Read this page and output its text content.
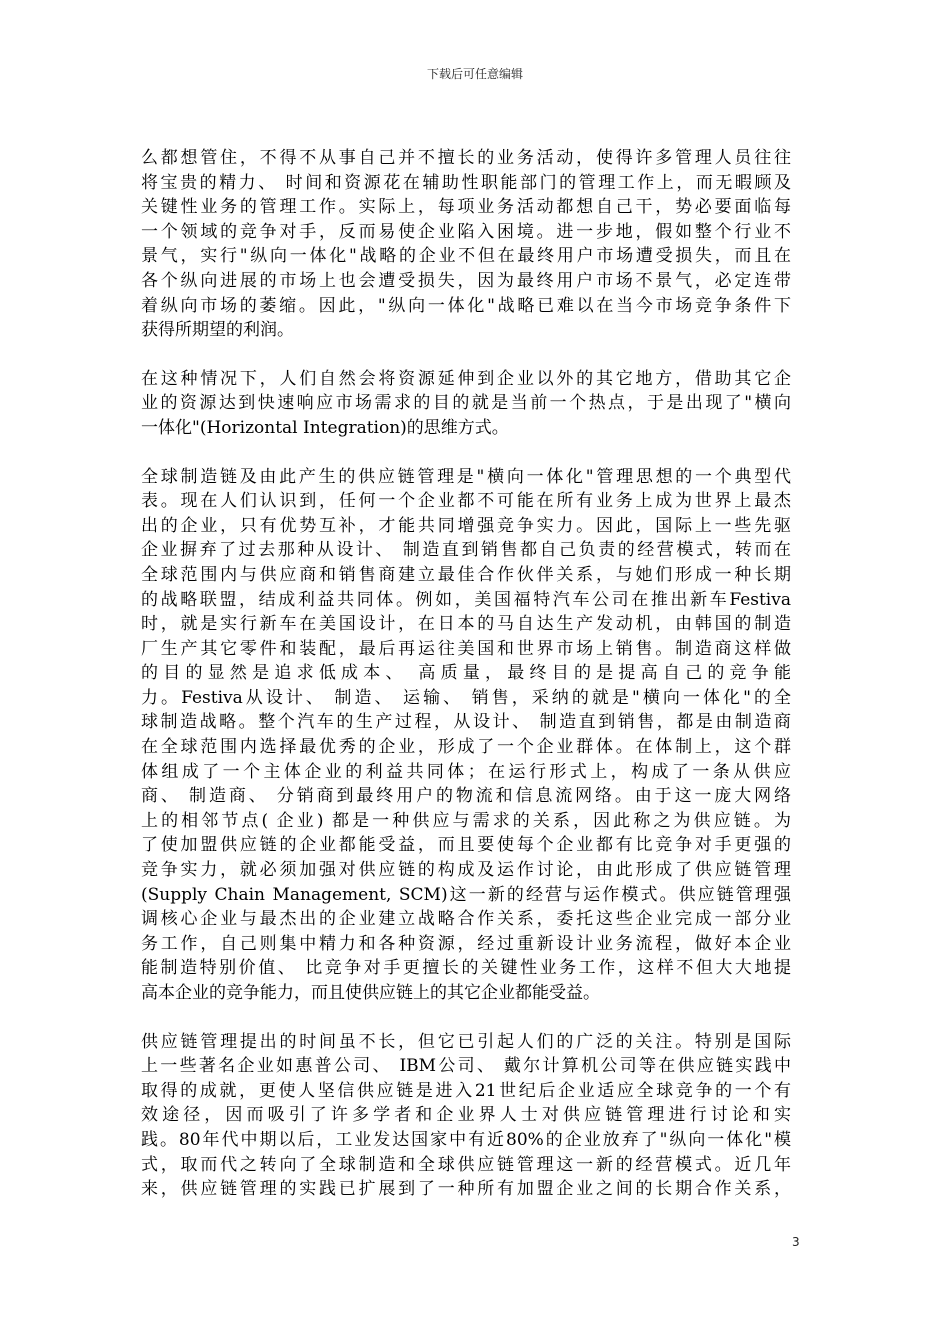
下载后可任意编辑

么都想管住，不得不从事自己并不擅长的业务活动，使得许多管理人员往往
将宝贵的精力、 时间和资源花在辅助性职能部门的管理工作上，而无暇顾及
关键性业务的管理工作。实际上，每项业务活动都想自己干，势必要面临每
一个领域的竞争对手，反而易使企业陷入困境。进一步地，假如整个行业不
景气，实行"纵向一体化"战略的企业不但在最终用户市场遭受损失，而且在
各个纵向进展的市场上也会遭受损失，因为最终用户市场不景气，必定连带
着纵向市场的萎缩。因此，"纵向一体化"战略已难以在当今市场竞争条件下
获得所期望的利润。

在这种情况下，人们自然会将资源延伸到企业以外的其它地方，借助其它企
业的资源达到快速响应市场需求的目的就是当前一个热点，于是出现了"横向
一体化"(Horizontal Integration)的思维方式。

全球制造链及由此产生的供应链管理是"横向一体化"管理思想的一个典型代
表。现在人们认识到，任何一个企业都不可能在所有业务上成为世界上最杰
出的企业，只有优势互补，才能共同增强竞争实力。因此，国际上一些先驱
企业摒弃了过去那种从设计、 制造直到销售都自己负责的经营模式，转而在
全球范围内与供应商和销售商建立最佳合作伙伴关系，与她们形成一种长期
的战略联盟，结成利益共同体。例如，美国福特汽车公司在推出新车Festiva
时，就是实行新车在美国设计，在日本的马自达生产发动机，由韩国的制造
厂生产其它零件和装配，最后再运往美国和世界市场上销售。制造商这样做
的目的显然是追求低成本、 高质量，最终目的是提高自己的竞争能
力。Festiva从设计、 制造、 运输、 销售，采纳的就是"横向一体化"的全
球制造战略。整个汽车的生产过程，从设计、 制造直到销售，都是由制造商
在全球范围内选择最优秀的企业，形成了一个企业群体。在体制上，这个群
体组成了一个主体企业的利益共同体；在运行形式上，构成了一条从供应
商、 制造商、 分销商到最终用户的物流和信息流网络。由于这一庞大网络
上的相邻节点( 企业) 都是一种供应与需求的关系，因此称之为供应链。为
了使加盟供应链的企业都能受益，而且要使每个企业都有比竞争对手更强的
竞争实力，就必须加强对供应链的构成及运作讨论，由此形成了供应链管理
(Supply Chain Management, SCM)这一新的经营与运作模式。供应链管理强
调核心企业与最杰出的企业建立战略合作关系，委托这些企业完成一部分业
务工作，自己则集中精力和各种资源，经过重新设计业务流程，做好本企业
能制造特别价值、 比竞争对手更擅长的关键性业务工作，这样不但大大地提
高本企业的竞争能力，而且使供应链上的其它企业都能受益。

供应链管理提出的时间虽不长，但它已引起人们的广泛的关注。特别是国际
上一些著名企业如惠普公司、 IBM公司、 戴尔计算机公司等在供应链实践中
取得的成就，更使人坚信供应链是进入21世纪后企业适应全球竞争的一个有
效途径，因而吸引了许多学者和企业界人士对供应链管理进行讨论和实
践。80年代中期以后，工业发达国家中有近80%的企业放弃了"纵向一体化"模
式，取而代之转向了全球制造和全球供应链管理这一新的经营模式。近几年
来，供应链管理的实践已扩展到了一种所有加盟企业之间的长期合作关系，

3
